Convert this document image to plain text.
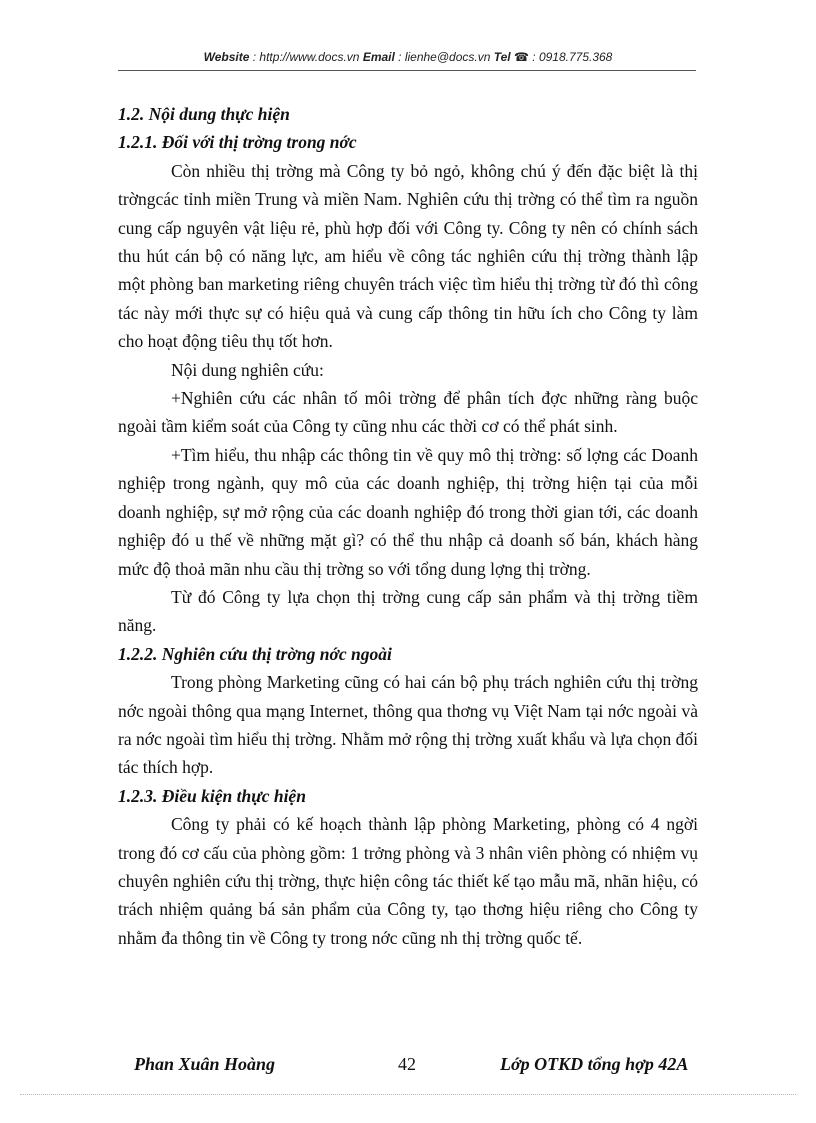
Website : http://www.docs.vn Email : lienhe@docs.vn Tel ☎ : 0918.775.368

1.2. Nội dung thực hiện

1.2.1. Đối với thị trờng trong nớc

Còn nhiều thị trờng mà Công ty bỏ ngỏ, không chú ý đến đặc biệt là thị trờngcác tỉnh miền Trung và miền Nam. Nghiên cứu thị trờng có thể tìm ra nguồn cung cấp nguyên vật liệu rẻ, phù hợp đối với Công ty. Công ty nên có chính sách thu hút cán bộ có năng lực, am hiểu về công tác nghiên cứu thị trờng thành lập một phòng ban marketing riêng chuyên trách việc tìm hiểu thị trờng từ đó thì công tác này mới thực sự có hiệu quả và cung cấp thông tin hữu ích cho Công ty làm cho hoạt động tiêu thụ tốt hơn.

Nội dung nghiên cứu:

+Nghiên cứu các nhân tố môi trờng để phân tích đợc những ràng buộc ngoài tầm kiểm soát của Công ty cũng nhu các thời cơ có thể phát sinh.

+Tìm hiểu, thu nhập các thông tin về quy mô thị trờng: số lợng các Doanh nghiệp trong ngành, quy mô của các doanh nghiệp, thị trờng hiện tại của mỗi doanh nghiệp, sự mở rộng của các doanh nghiệp đó trong thời gian tới, các doanh nghiệp đó u thế về những mặt gì? có thể thu nhập cả doanh số bán, khách hàng mức độ thoả mãn nhu cầu thị trờng so với tổng dung lợng thị trờng.

Từ đó Công ty lựa chọn thị trờng cung cấp sản phẩm và thị trờng tiềm năng.

1.2.2. Nghiên cứu thị trờng nớc ngoài

Trong phòng Marketing cũng có hai cán bộ phụ trách nghiên cứu thị trờng nớc ngoài thông qua mạng Internet, thông qua thơng vụ Việt Nam tại nớc ngoài và ra nớc ngoài tìm hiểu thị trờng. Nhằm mở rộng thị trờng xuất khẩu và lựa chọn đối tác thích hợp.

1.2.3. Điều kiện thực hiện

Công ty phải có kế hoạch thành lập phòng Marketing, phòng có 4 ngời trong đó cơ cấu của phòng gồm: 1 trởng phòng và 3 nhân viên phòng có nhiệm vụ chuyên nghiên cứu thị trờng, thực hiện công tác thiết kế tạo mẫu mã, nhãn hiệu, có trách nhiệm quảng bá sản phẩm của Công ty, tạo thơng hiệu riêng cho Công ty nhằm đa thông tin về Công ty trong nớc cũng nh thị trờng quốc tế.

Phan Xuân Hoàng	42	Lớp OTKD tổng hợp 42A
